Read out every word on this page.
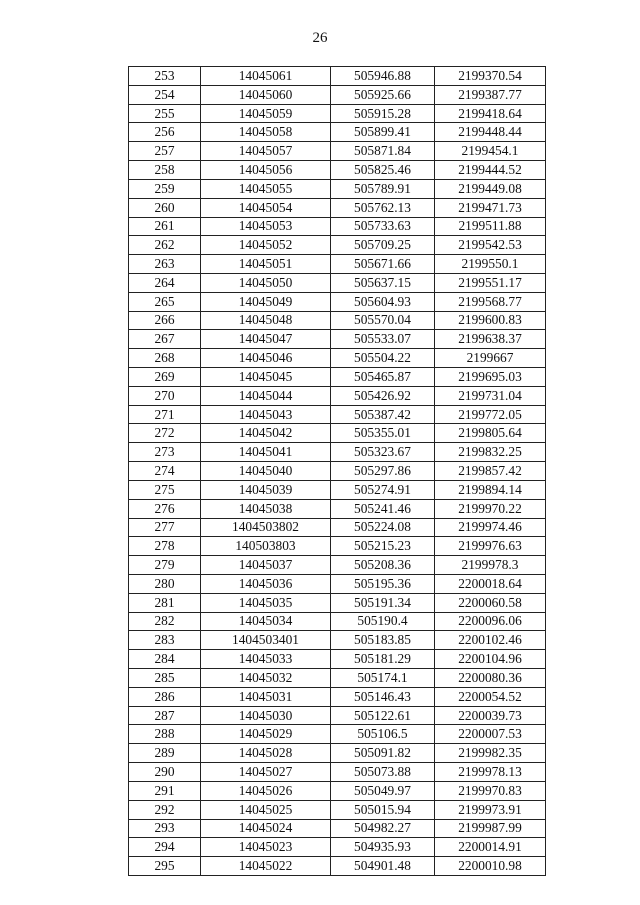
26
253	14045061	505946.88	2199370.54
254	14045060	505925.66	2199387.77
255	14045059	505915.28	2199418.64
256	14045058	505899.41	2199448.44
257	14045057	505871.84	2199454.1
258	14045056	505825.46	2199444.52
259	14045055	505789.91	2199449.08
260	14045054	505762.13	2199471.73
261	14045053	505733.63	2199511.88
262	14045052	505709.25	2199542.53
263	14045051	505671.66	2199550.1
264	14045050	505637.15	2199551.17
265	14045049	505604.93	2199568.77
266	14045048	505570.04	2199600.83
267	14045047	505533.07	2199638.37
268	14045046	505504.22	2199667
269	14045045	505465.87	2199695.03
270	14045044	505426.92	2199731.04
271	14045043	505387.42	2199772.05
272	14045042	505355.01	2199805.64
273	14045041	505323.67	2199832.25
274	14045040	505297.86	2199857.42
275	14045039	505274.91	2199894.14
276	14045038	505241.46	2199970.22
277	1404503802	505224.08	2199974.46
278	140503803	505215.23	2199976.63
279	14045037	505208.36	2199978.3
280	14045036	505195.36	2200018.64
281	14045035	505191.34	2200060.58
282	14045034	505190.4	2200096.06
283	1404503401	505183.85	2200102.46
284	14045033	505181.29	2200104.96
285	14045032	505174.1	2200080.36
286	14045031	505146.43	2200054.52
287	14045030	505122.61	2200039.73
288	14045029	505106.5	2200007.53
289	14045028	505091.82	2199982.35
290	14045027	505073.88	2199978.13
291	14045026	505049.97	2199970.83
292	14045025	505015.94	2199973.91
293	14045024	504982.27	2199987.99
294	14045023	504935.93	2200014.91
295	14045022	504901.48	2200010.98
